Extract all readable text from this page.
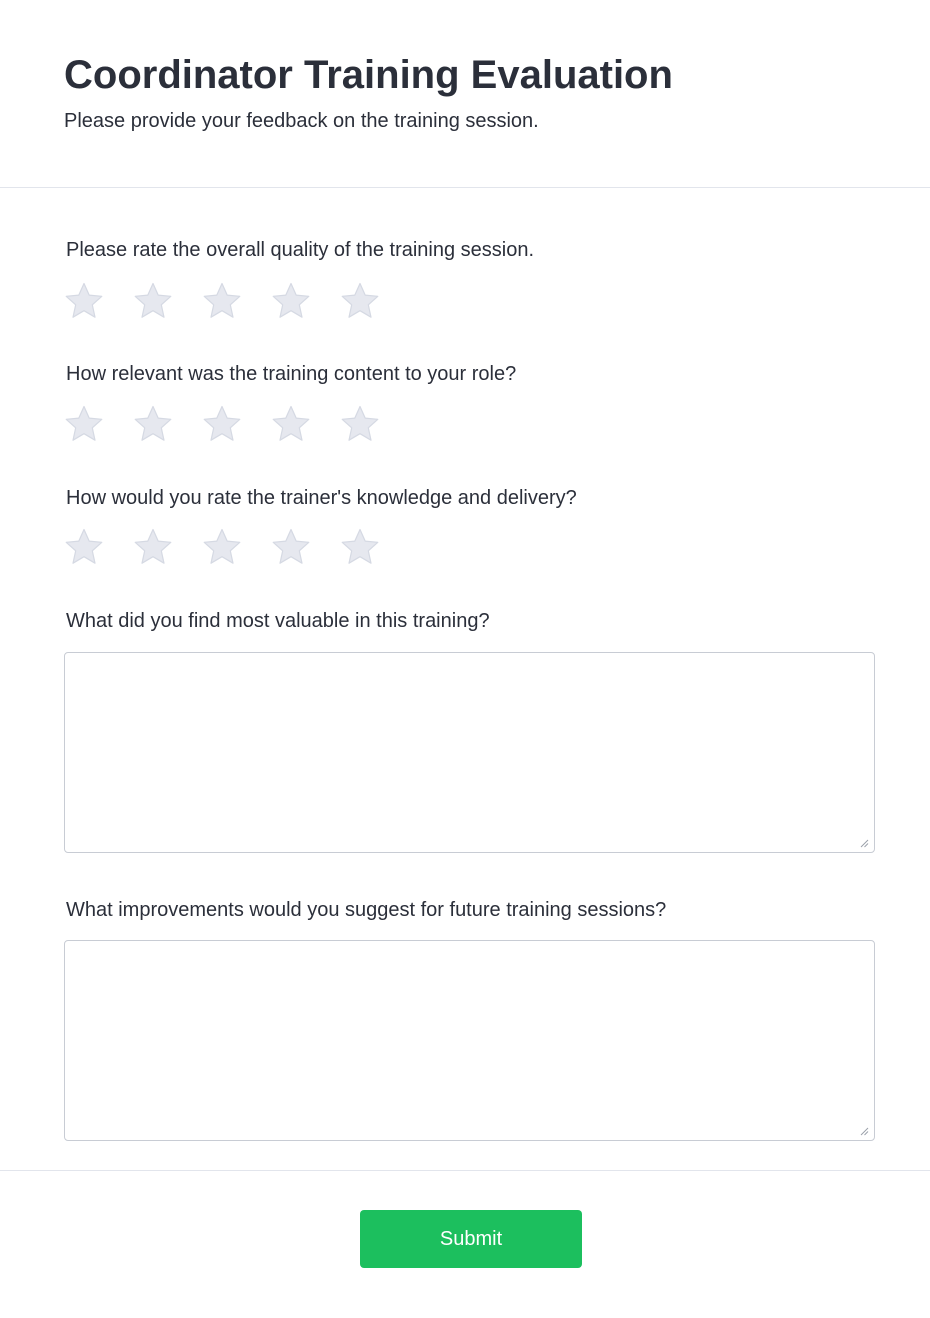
Coordinator Training Evaluation

Please provide your feedback on the training session.

Please rate the overall quality of the training session.

How relevant was the training content to your role?

How would you rate the trainer's knowledge and delivery?

What did you find most valuable in this training?

What improvements would you suggest for future training sessions?

Submit
